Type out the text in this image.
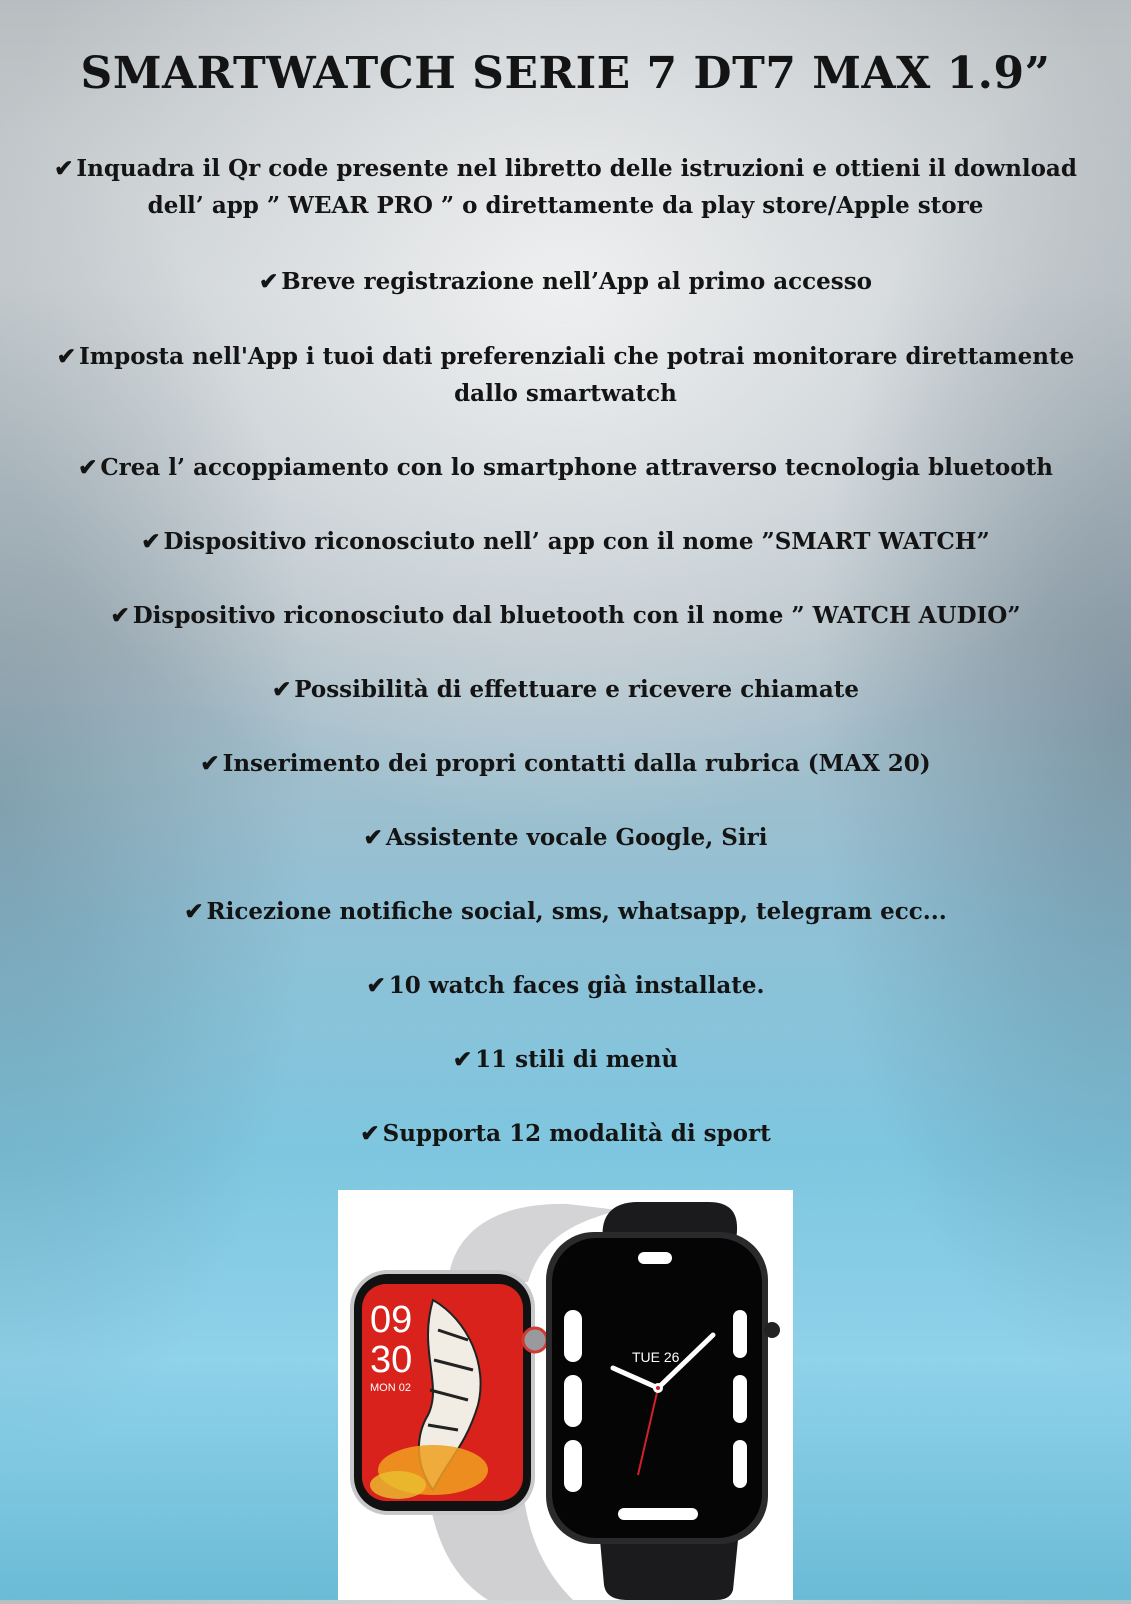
SMARTWATCH SERIE 7 DT7 MAX 1.9”

✔ Inquadra il Qr code presente nel libretto delle istruzioni e ottieni il download dell’ app ” WEAR PRO ” o direttamente da play store/Apple store

✔ Breve registrazione nell’App al primo accesso

✔ Imposta nell'App i tuoi dati preferenziali che potrai monitorare direttamente dallo smartwatch

✔ Crea l’ accoppiamento con lo smartphone attraverso tecnologia bluetooth

✔ Dispositivo riconosciuto nell’ app con il nome ”SMART WATCH”

✔ Dispositivo riconosciuto dal bluetooth con il nome ” WATCH AUDIO”

✔ Possibilità di effettuare e ricevere chiamate

✔ Inserimento dei propri contatti dalla rubrica (MAX 20)

✔ Assistente vocale Google, Siri

✔ Ricezione notifiche social, sms, whatsapp, telegram ecc...

✔ 10 watch faces già installate.

✔ 11 stili di menù

✔ Supporta 12 modalità di sport

09
30
MON 02
TUE 26
